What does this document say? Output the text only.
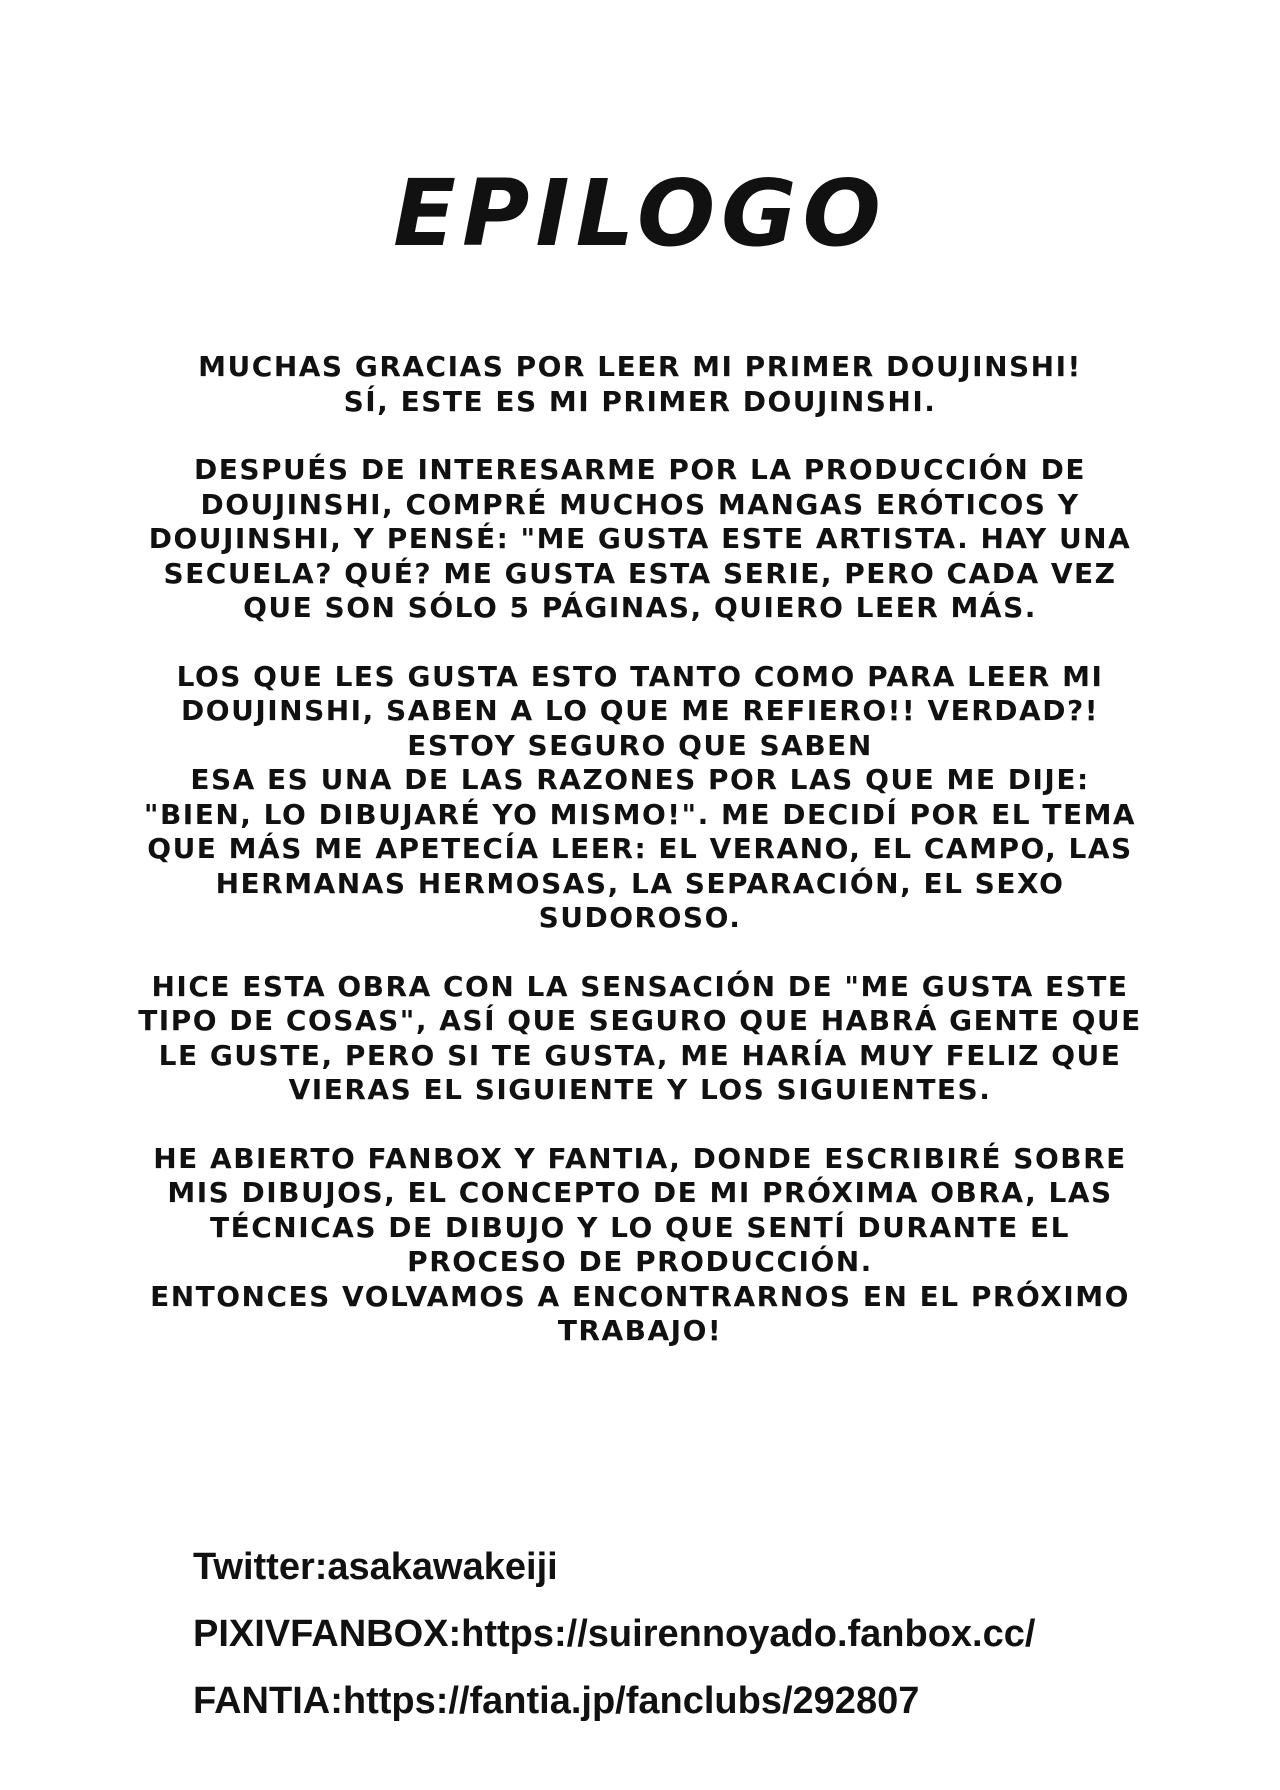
EPILOGO

MUCHAS GRACIAS POR LEER MI PRIMER DOUJINSHI!
SÍ, ESTE ES MI PRIMER DOUJINSHI.

DESPUÉS DE INTERESARME POR LA PRODUCCIÓN DE
DOUJINSHI, COMPRÉ MUCHOS MANGAS ERÓTICOS Y
DOUJINSHI, Y PENSÉ: "ME GUSTA ESTE ARTISTA. HAY UNA
SECUELA? QUÉ? ME GUSTA ESTA SERIE, PERO CADA VEZ
QUE SON SÓLO 5 PÁGINAS, QUIERO LEER MÁS.

LOS QUE LES GUSTA ESTO TANTO COMO PARA LEER MI
DOUJINSHI, SABEN A LO QUE ME REFIERO!! VERDAD?!
ESTOY SEGURO QUE SABEN
ESA ES UNA DE LAS RAZONES POR LAS QUE ME DIJE:
"BIEN, LO DIBUJARÉ YO MISMO!". ME DECIDÍ POR EL TEMA
QUE MÁS ME APETECÍA LEER: EL VERANO, EL CAMPO, LAS
HERMANAS HERMOSAS, LA SEPARACIÓN, EL SEXO
SUDOROSO.

HICE ESTA OBRA CON LA SENSACIÓN DE "ME GUSTA ESTE
TIPO DE COSAS", ASÍ QUE SEGURO QUE HABRÁ GENTE QUE
LE GUSTE, PERO SI TE GUSTA, ME HARÍA MUY FELIZ QUE
VIERAS EL SIGUIENTE Y LOS SIGUIENTES.

HE ABIERTO FANBOX Y FANTIA, DONDE ESCRIBIRÉ SOBRE
MIS DIBUJOS, EL CONCEPTO DE MI PRÓXIMA OBRA, LAS
TÉCNICAS DE DIBUJO Y LO QUE SENTÍ DURANTE EL
PROCESO DE PRODUCCIÓN.
ENTONCES VOLVAMOS A ENCONTRARNOS EN EL PRÓXIMO
TRABAJO!

Twitter:asakawakeiji
PIXIVFANBOX:https://suirennoyado.fanbox.cc/
FANTIA:https://fantia.jp/fanclubs/292807
